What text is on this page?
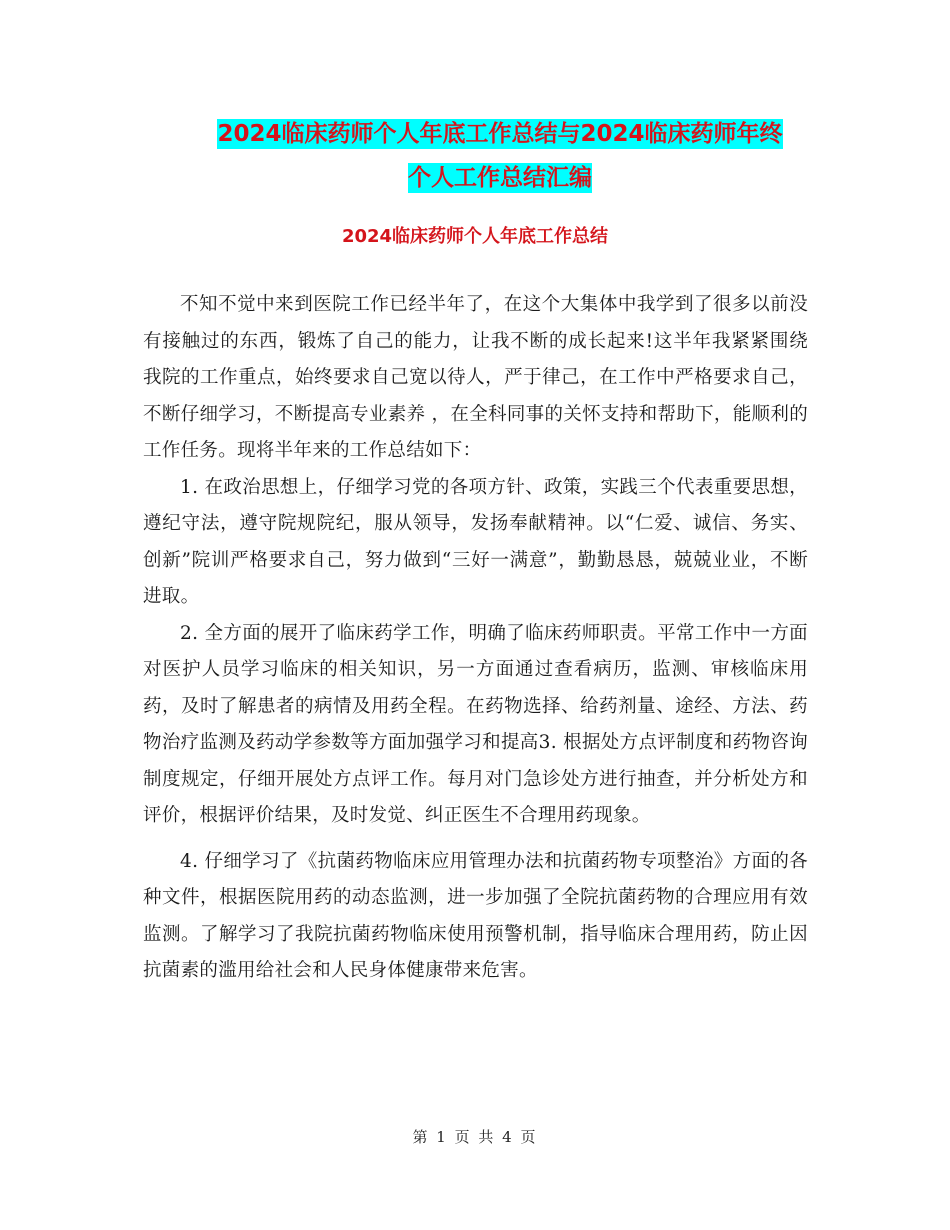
2024临床药师个人年底工作总结与2024临床药师年终
个人工作总结汇编
2024临床药师个人年底工作总结

不知不觉中来到医院工作已经半年了，在这个大集体中我学到了很多以前没有接触过的东西，锻炼了自己的能力，让我不断的成长起来!这半年我紧紧围绕我院的工作重点，始终要求自己宽以待人，严于律己，在工作中严格要求自己，不断仔细学习，不断提高专业素养 ，在全科同事的关怀支持和帮助下，能顺利的工作任务。现将半年来的工作总结如下：

1. 在政治思想上，仔细学习党的各项方针、政策，实践三个代表重要思想，遵纪守法，遵守院规院纪，服从领导，发扬奉献精神。以“仁爱、诚信、务实、创新”院训严格要求自己，努力做到“三好一满意”，勤勤恳恳，兢兢业业，不断进取。

2. 全方面的展开了临床药学工作，明确了临床药师职责。平常工作中一方面对医护人员学习临床的相关知识，另一方面通过查看病历，监测、审核临床用药，及时了解患者的病情及用药全程。在药物选择、给药剂量、途经、方法、药物治疗监测及药动学参数等方面加强学习和提高3. 根据处方点评制度和药物咨询制度规定，仔细开展处方点评工作。每月对门急诊处方进行抽查，并分析处方和评价，根据评价结果，及时发觉、纠正医生不合理用药现象。

4. 仔细学习了《抗菌药物临床应用管理办法和抗菌药物专项整治》方面的各种文件，根据医院用药的动态监测，进一步加强了全院抗菌药物的合理应用有效监测。了解学习了我院抗菌药物临床使用预警机制，指导临床合理用药，防止因抗菌素的滥用给社会和人民身体健康带来危害。

第 1 页 共 4 页
